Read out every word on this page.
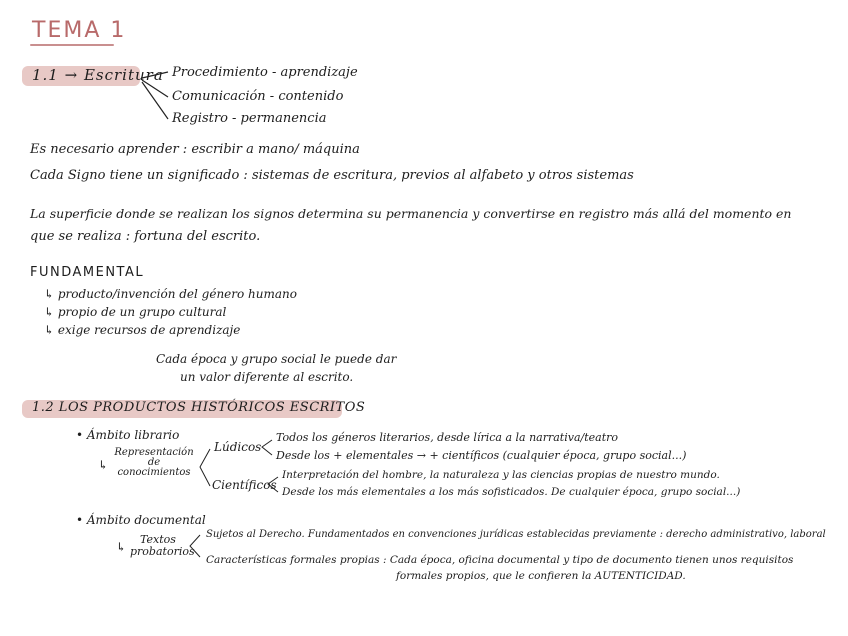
TEMA 1
1.1 → Escritura Procedimiento - aprendizaje
Comunicación - contenido
Registro - permanencia
Es necesario aprender : escribir a mano/ máquina
Cada Signo tiene un significado : sistemas de escritura, previos al alfabeto y otros sistemas
La superficie donde se realizan los signos determina su permanencia y convertirse en registro más allá del momento en
que se realiza : fortuna del escrito.
FUNDAMENTAL
↳ producto/invención del género humano
↳ propio de un grupo cultural
↳ exige recursos de aprendizaje
Cada época y grupo social le puede dar
un valor diferente al escrito.
1.2 LOS PRODUCTOS HISTÓRICOS ESCRITOS
• Ámbito librario
Representación
de
conocimientos
↳
Lúdicos
Todos los géneros literarios, desde lírica a la narrativa/teatro
Desde los + elementales → + científicos (cualquier época, grupo social...)
Científicos
Interpretación del hombre, la naturaleza y las ciencias propias de nuestro mundo.
Desde los más elementales a los más sofisticados. De cualquier época, grupo social...)
• Ámbito documental
Textos
probatorios
↳
Sujetos al Derecho. Fundamentados en convenciones jurídicas establecidas previamente : derecho administrativo, laboral
Características formales propias : Cada época, oficina documental y tipo de documento tienen unos requisitos
formales propios, que le confieren la AUTENTICIDAD.
